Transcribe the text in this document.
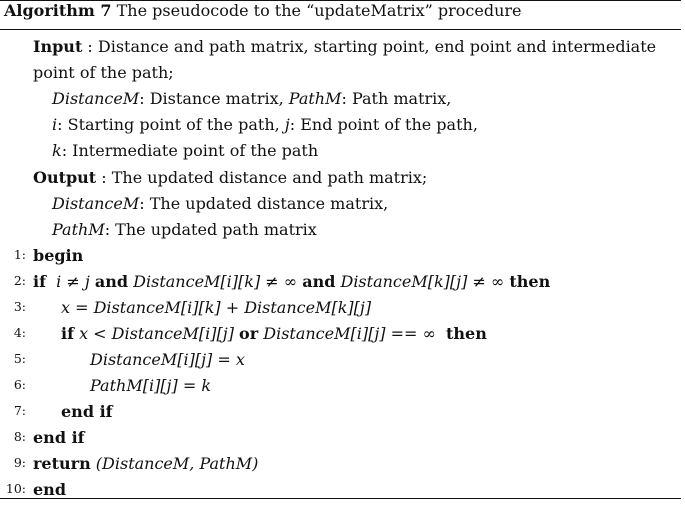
Algorithm 7 The pseudocode to the “updateMatrix” procedure
Input : Distance and path matrix, starting point, end point and intermediate
point of the path;
DistanceM: Distance matrix, PathM: Path matrix,
i: Starting point of the path, j: End point of the path,
k: Intermediate point of the path
Output : The updated distance and path matrix;
DistanceM: The updated distance matrix,
PathM: The updated path matrix
1: begin
2: if i ≠ j and DistanceM[i][k] ≠ ∞ and DistanceM[k][j] ≠ ∞ then
3: x = DistanceM[i][k] + DistanceM[k][j]
4: if x < DistanceM[i][j] or DistanceM[i][j] == ∞ then
5:	DistanceM[i][j] = x
6:	PathM[i][j] = k
7: end if
8: end if
9: return (DistanceM, PathM)
10: end
